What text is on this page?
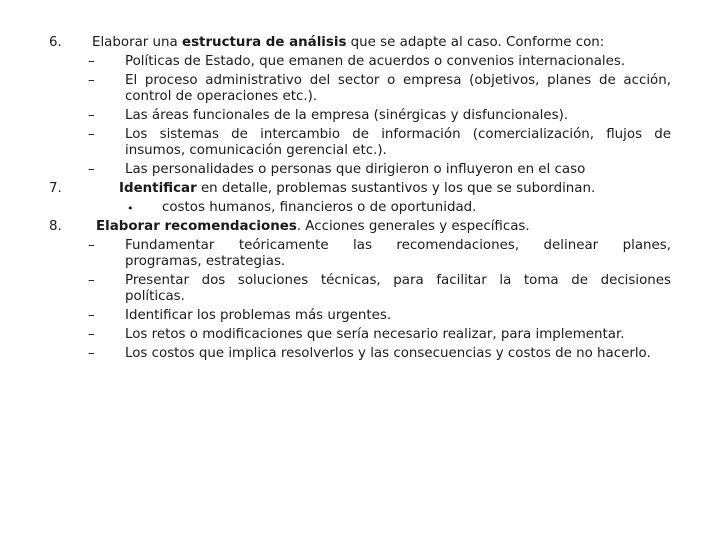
6. Elaborar una estructura de análisis que se adapte al caso. Conforme con:
– Políticas de Estado, que emanen de acuerdos o convenios internacionales.
– El proceso administrativo del sector o empresa (objetivos, planes de acción,
control de operaciones etc.).
– Las áreas funcionales de la empresa (sinérgicas y disfuncionales).
– Los sistemas de intercambio de información (comercialización, flujos de
insumos, comunicación gerencial etc.).
– Las personalidades o personas que dirigieron o influyeron en el caso
7.	Identificar en detalle, problemas sustantivos y los que se subordinan.
• costos humanos, financieros o de oportunidad.
8.	Elaborar recomendaciones. Acciones generales y específicas.
– Fundamentar teóricamente las recomendaciones, delinear planes,
programas, estrategias.
– Presentar dos soluciones técnicas, para facilitar la toma de decisiones
políticas.
– Identificar los problemas más urgentes.
– Los retos o modificaciones que sería necesario realizar, para implementar.
– Los costos que implica resolverlos y las consecuencias y costos de no hacerlo.
